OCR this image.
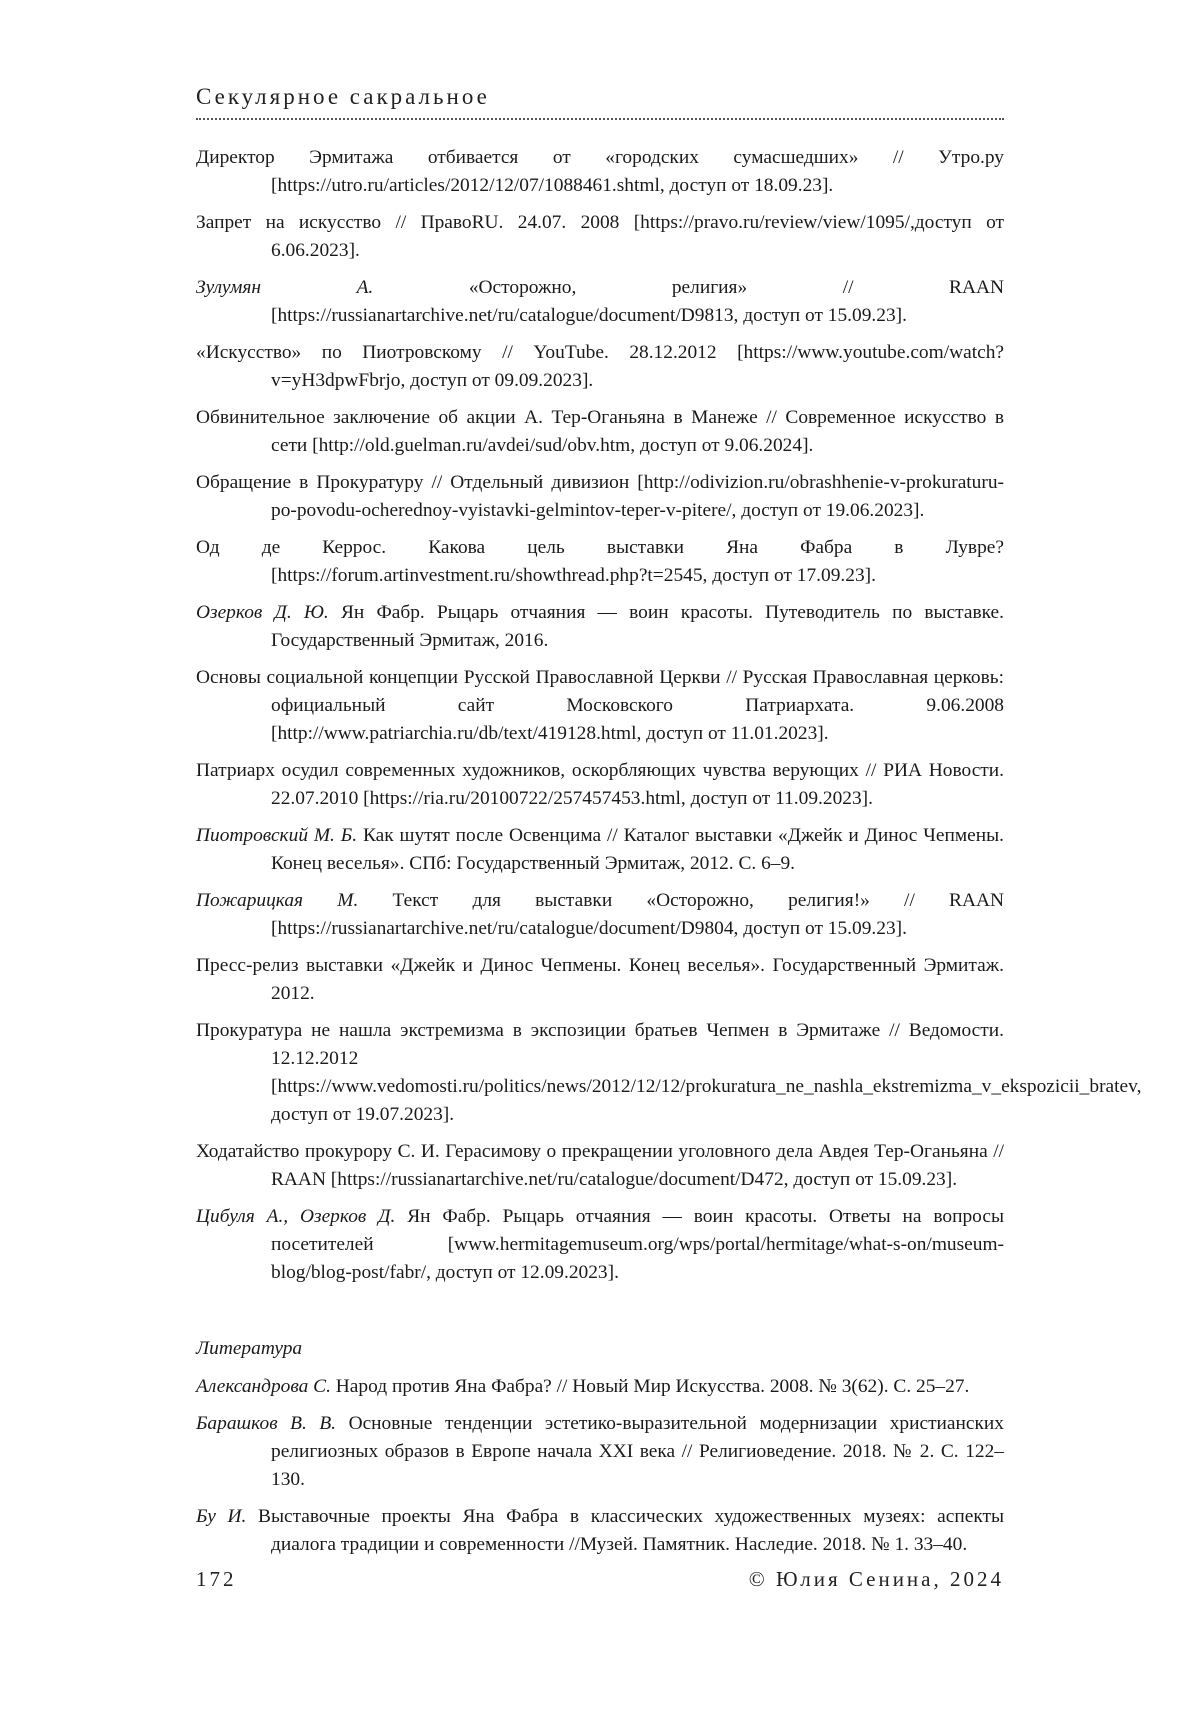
Секулярное сакральное

Директор Эрмитажа отбивается от «городских сумасшедших» // Утро.ру [https://utro.ru/articles/2012/12/07/1088461.shtml, доступ от 18.09.23].

Запрет на искусство // ПравоRU. 24.07. 2008 [https://pravo.ru/review/view/1095/,доступ от 6.06.2023].

Зулумян А. «Осторожно, религия» // RAAN [https://russianartarchive.net/ru/catalogue/document/D9813, доступ от 15.09.23].

«Искусство» по Пиотровскому // YouTube. 28.12.2012 [https://www.youtube.com/watch?v=yH3dpwFbrjo, доступ от 09.09.2023].

Обвинительное заключение об акции А. Тер-Оганьяна в Манеже // Современное искусство в сети [http://old.guelman.ru/avdei/sud/obv.htm, доступ от 9.06.2024].

Обращение в Прокуратуру // Отдельный дивизион [http://odivizion.ru/obrashhenie-v-prokuraturu-po-povodu-ocherednoy-vyistavki-gelmintov-teper-v-pitere/, доступ от 19.06.2023].

Од де Керрос. Какова цель выставки Яна Фабра в Лувре? [https://forum.artinvestment.ru/showthread.php?t=2545, доступ от 17.09.23].

Озерков Д. Ю. Ян Фабр. Рыцарь отчаяния — воин красоты. Путеводитель по выставке. Государственный Эрмитаж, 2016.

Основы социальной концепции Русской Православной Церкви // Русская Православная церковь: официальный сайт Московского Патриархата. 9.06.2008 [http://www.patriarchia.ru/db/text/419128.html, доступ от 11.01.2023].

Патриарх осудил современных художников, оскорбляющих чувства верующих // РИА Новости. 22.07.2010 [https://ria.ru/20100722/257457453.html, доступ от 11.09.2023].

Пиотровский М. Б. Как шутят после Освенцима // Каталог выставки «Джейк и Динос Чепмены. Конец веселья». СПб: Государственный Эрмитаж, 2012. С. 6–9.

Пожарицкая М. Текст для выставки «Осторожно, религия!» // RAAN [https://russianartarchive.net/ru/catalogue/document/D9804, доступ от 15.09.23].

Пресс-релиз выставки «Джейк и Динос Чепмены. Конец веселья». Государственный Эрмитаж. 2012.

Прокуратура не нашла экстремизма в экспозиции братьев Чепмен в Эрмитаже // Ведомости. 12.12.2012 [https://www.vedomosti.ru/politics/news/2012/12/12/prokuratura_ne_nashla_ekstremizma_v_ekspozicii_bratev, доступ от 19.07.2023].

Ходатайство прокурору С. И. Герасимову о прекращении уголовного дела Авдея Тер-Оганьяна // RAAN [https://russianartarchive.net/ru/catalogue/document/D472, доступ от 15.09.23].

Цибуля А., Озерков Д. Ян Фабр. Рыцарь отчаяния — воин красоты. Ответы на вопросы посетителей [www.hermitagemuseum.org/wps/portal/hermitage/what-s-on/museum-blog/blog-post/fabr/, доступ от 12.09.2023].

Литература

Александрова С. Народ против Яна Фабра? // Новый Мир Искусства. 2008. № 3(62). С. 25–27.

Барашков В. В. Основные тенденции эстетико-выразительной модернизации христианских религиозных образов в Европе начала XXI века // Религиоведение. 2018. № 2. С. 122–130.

Бу И. Выставочные проекты Яна Фабра в классических художественных музеях: аспекты диалога традиции и современности //Музей. Памятник. Наследие. 2018. № 1. 33–40.

172	© Юлия Сенина, 2024
